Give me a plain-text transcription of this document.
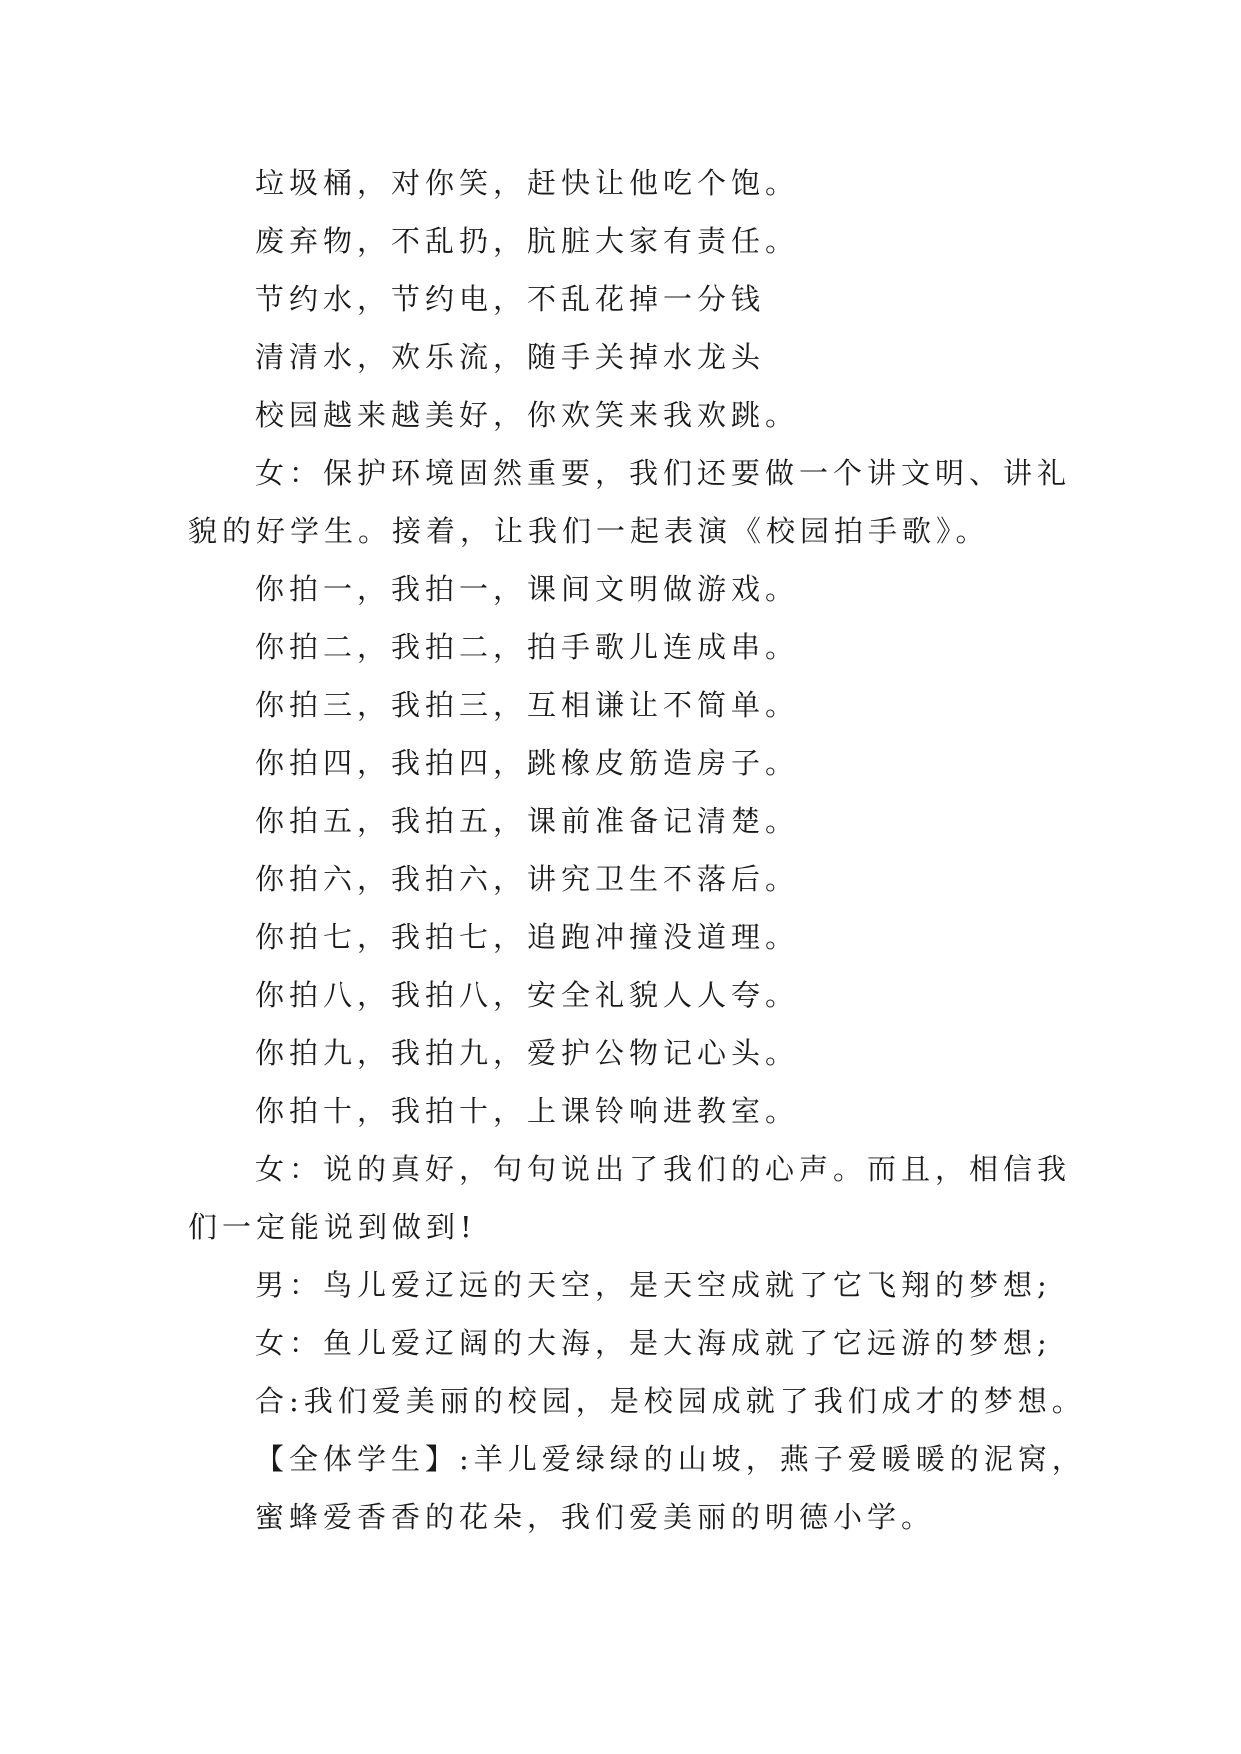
垃圾桶，对你笑，赶快让他吃个饱。
废弃物，不乱扔，肮脏大家有责任。
节约水，节约电，不乱花掉一分钱
清清水，欢乐流，随手关掉水龙头
校园越来越美好，你欢笑来我欢跳。
女：保护环境固然重要，我们还要做一个讲文明、讲礼
貌的好学生。接着，让我们一起表演《校园拍手歌》。
你拍一，我拍一，课间文明做游戏。
你拍二，我拍二，拍手歌儿连成串。
你拍三，我拍三，互相谦让不简单。
你拍四，我拍四，跳橡皮筋造房子。
你拍五，我拍五，课前准备记清楚。
你拍六，我拍六，讲究卫生不落后。
你拍七，我拍七，追跑冲撞没道理。
你拍八，我拍八，安全礼貌人人夸。
你拍九，我拍九，爱护公物记心头。
你拍十，我拍十，上课铃响进教室。
女：说的真好，句句说出了我们的心声。而且，相信我
们一定能说到做到!
男：鸟儿爱辽远的天空，是天空成就了它飞翔的梦想;
女：鱼儿爱辽阔的大海，是大海成就了它远游的梦想;
合:我们爱美丽的校园，是校园成就了我们成才的梦想。
【全体学生】:羊儿爱绿绿的山坡，燕子爱暖暖的泥窝，
蜜蜂爱香香的花朵，我们爱美丽的明德小学。
